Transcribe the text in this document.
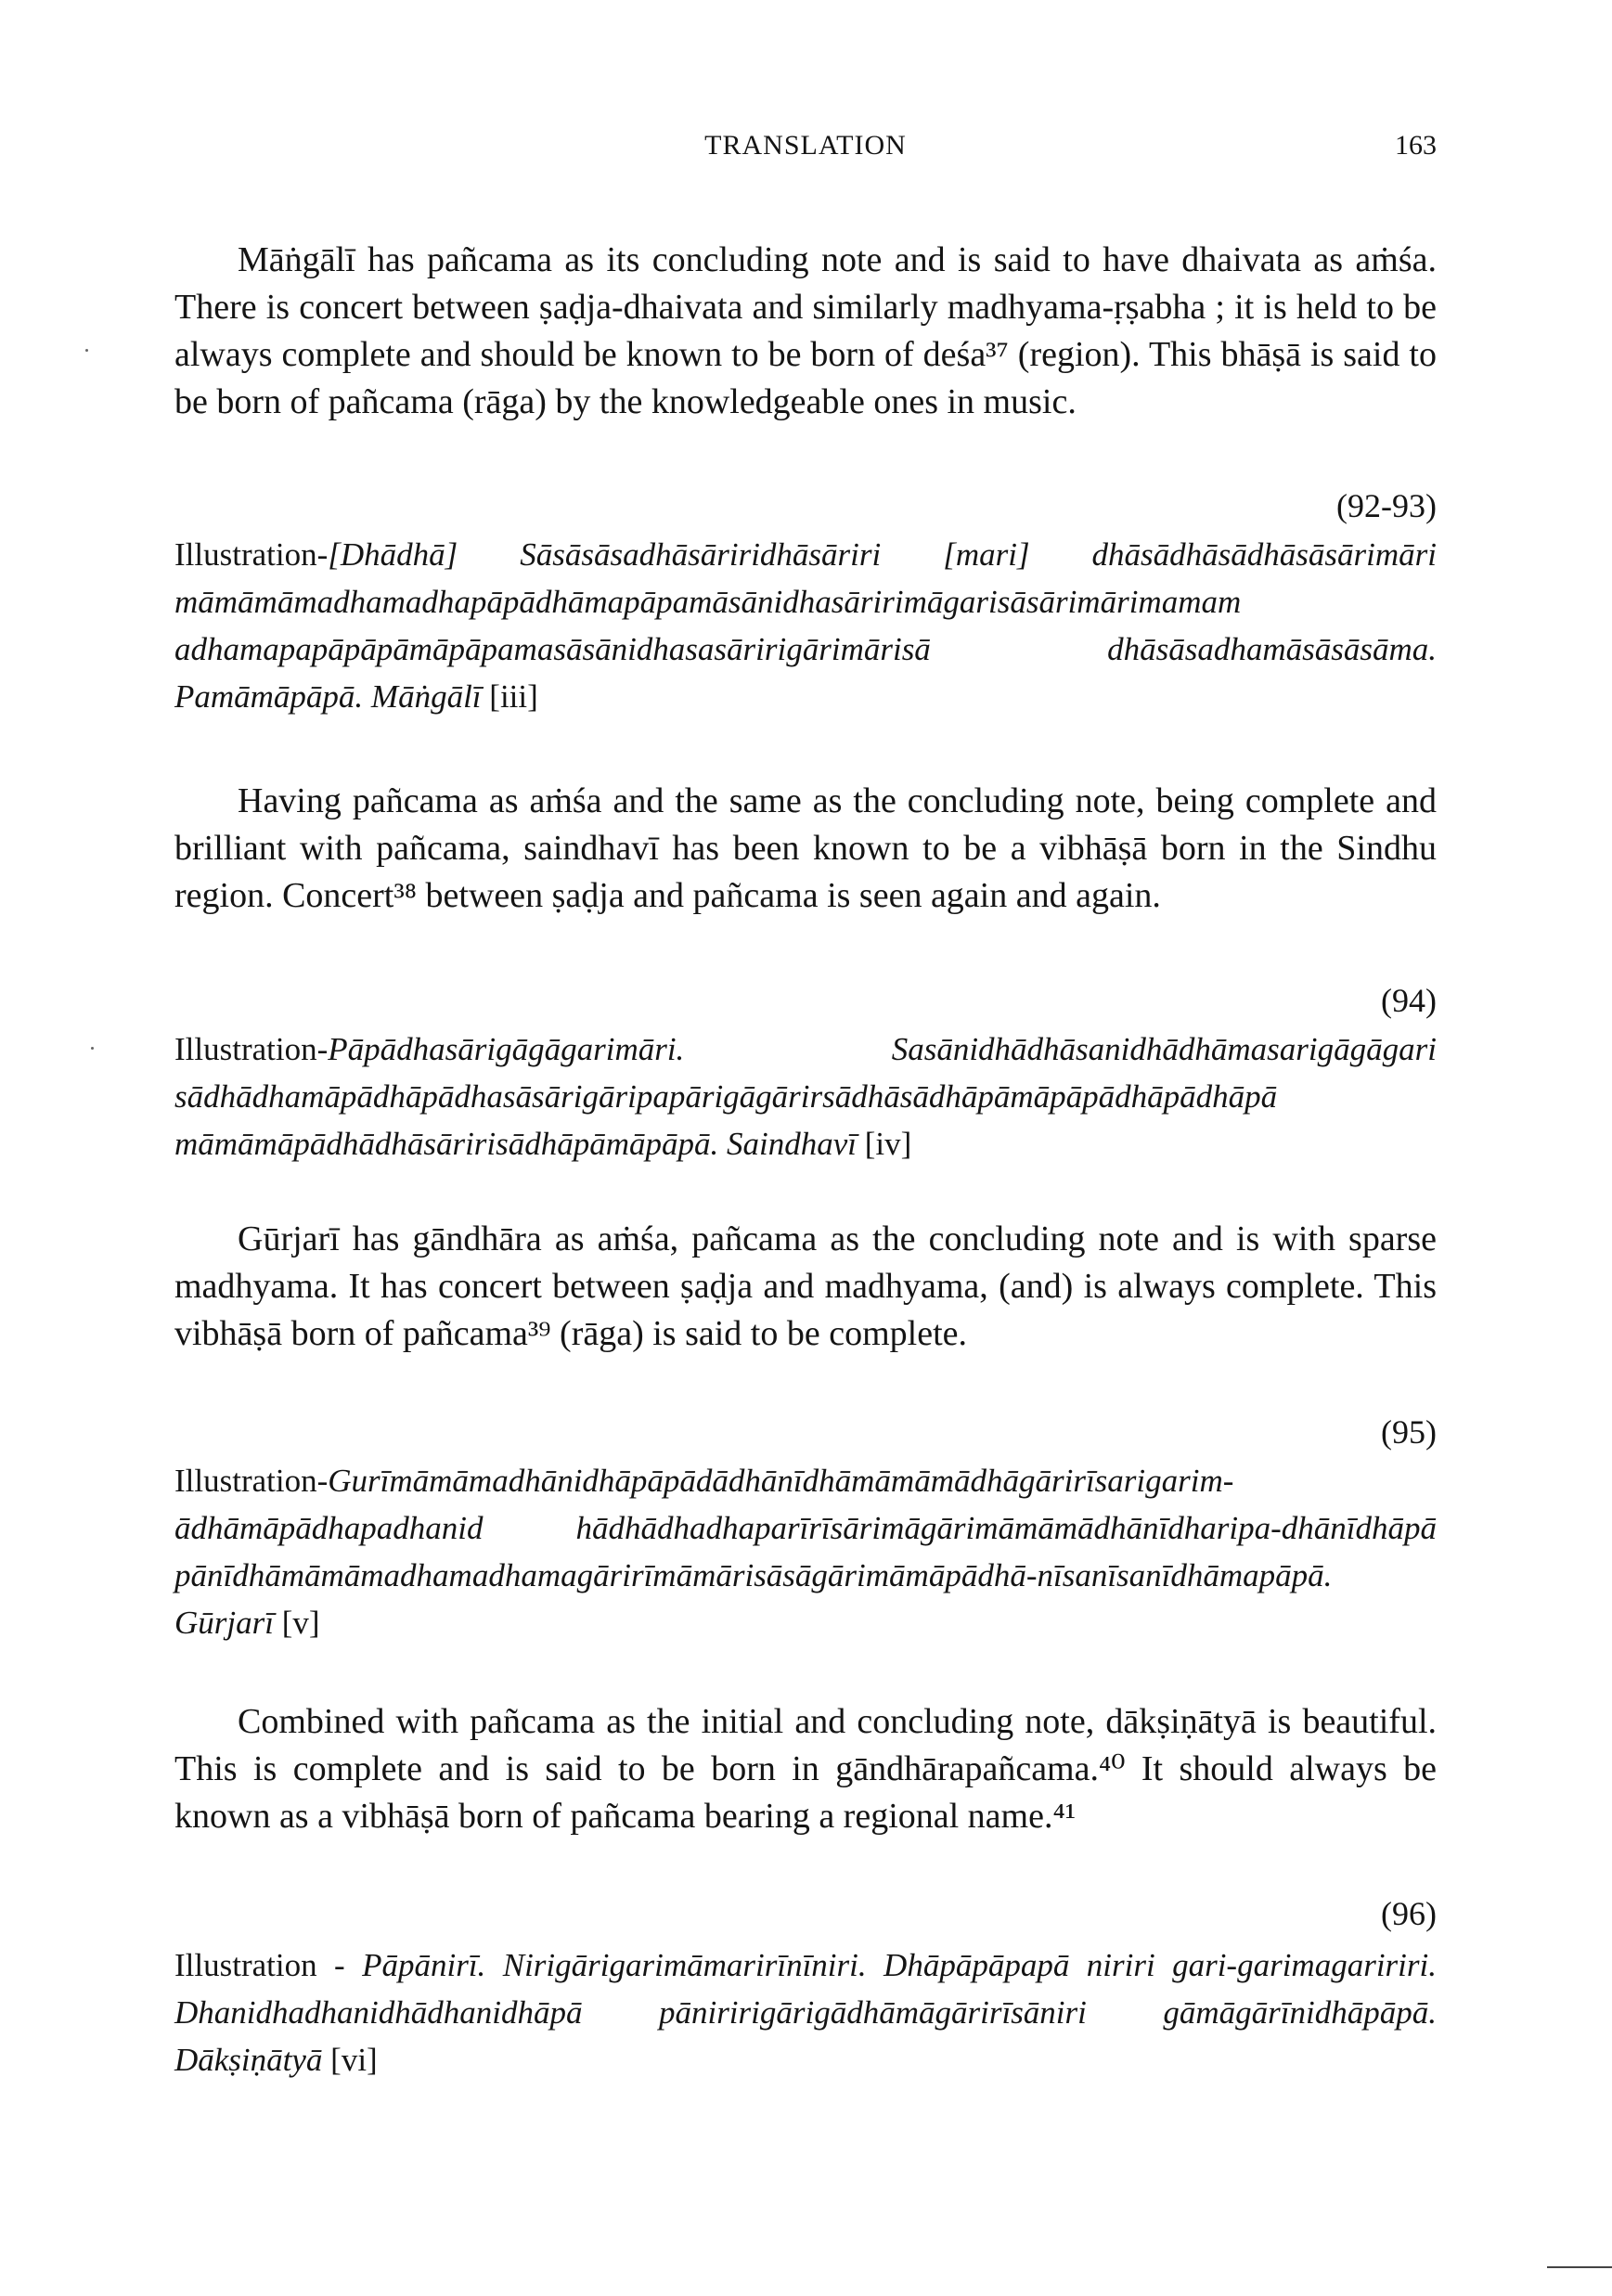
TRANSLATION	163

Māṅgālī has pañcama as its concluding note and is said to have dhaivata as aṁśa. There is concert between ṣaḍja-dhaivata and similarly madhyama-ṛṣabha ; it is held to be always complete and should be known to be born of deśa³⁷ (region). This bhāṣā is said to be born of pañcama (rāga) by the knowledgeable ones in music.

(92-93)

Illustration-[Dhādhā] Sāsāsāsadhāsāriridhāsāriri [mari] dhāsādhāsādhāsāsārimāri māmāmāmadhamadhapāpādhāmapāpamāsānidhasāririmāgarisāsārimārimamam adhamapapāpāpāmāpāpamasāsānidhasasāririgārimārisā dhāsāsadhamāsāsāsāma. Pamāmāpāpā. Māṅgālī [iii]

Having pañcama as aṁśa and the same as the concluding note, being complete and brilliant with pañcama, saindhavī has been known to be a vibhāṣā born in the Sindhu region. Concert³⁸ between ṣaḍja and pañcama is seen again and again.

(94)

Illustration-Pāpādhasārigāgāgarimāri. Sasānidhādhāsanidhādhāmasarigāgāgari sādhādhamāpādhāpādhasāsārigāripapārigāgārirsādhāsādhāpāmāpāpādhāpādhāpā māmāmāpādhādhāsāririsādhāpāmāpāpā. Saindhavī [iv]

Gūrjarī has gāndhāra as aṁśa, pañcama as the concluding note and is with sparse madhyama. It has concert between ṣaḍja and madhyama, (and) is always complete. This vibhāṣā born of pañcama³⁹ (rāga) is said to be complete.

(95)

Illustration-Gurīmāmāmadhānidhāpāpādādhānīdhāmāmāmādhāgārirīsarigarim-ādhāmāpādhapadhanid hādhādhadhaparīrīsārimāgārimāmāmādhānīdharipa-dhānīdhāpā pānīdhāmāmāmadhamadhamagārirīmāmārisāsāgārimāmāpādhā-nīsanīsanīdhāmapāpā. Gūrjarī [v]

Combined with pañcama as the initial and concluding note, dākṣiṇātyā is beautiful. This is complete and is said to be born in gāndhārapañcama.⁴⁰ It should always be known as a vibhāṣā born of pañcama bearing a regional name.⁴¹

(96)

Illustration - Pāpānirī. Nirigārigarimāmarirīnīniri. Dhāpāpāpapā niriri gari-garimagaririri. Dhanidhadhanidhādhanidhāpā pāniririgārigādhāmāgārirīsāniri gāmāgārīnidhāpāpā. Dākṣiṇātyā [vi]
